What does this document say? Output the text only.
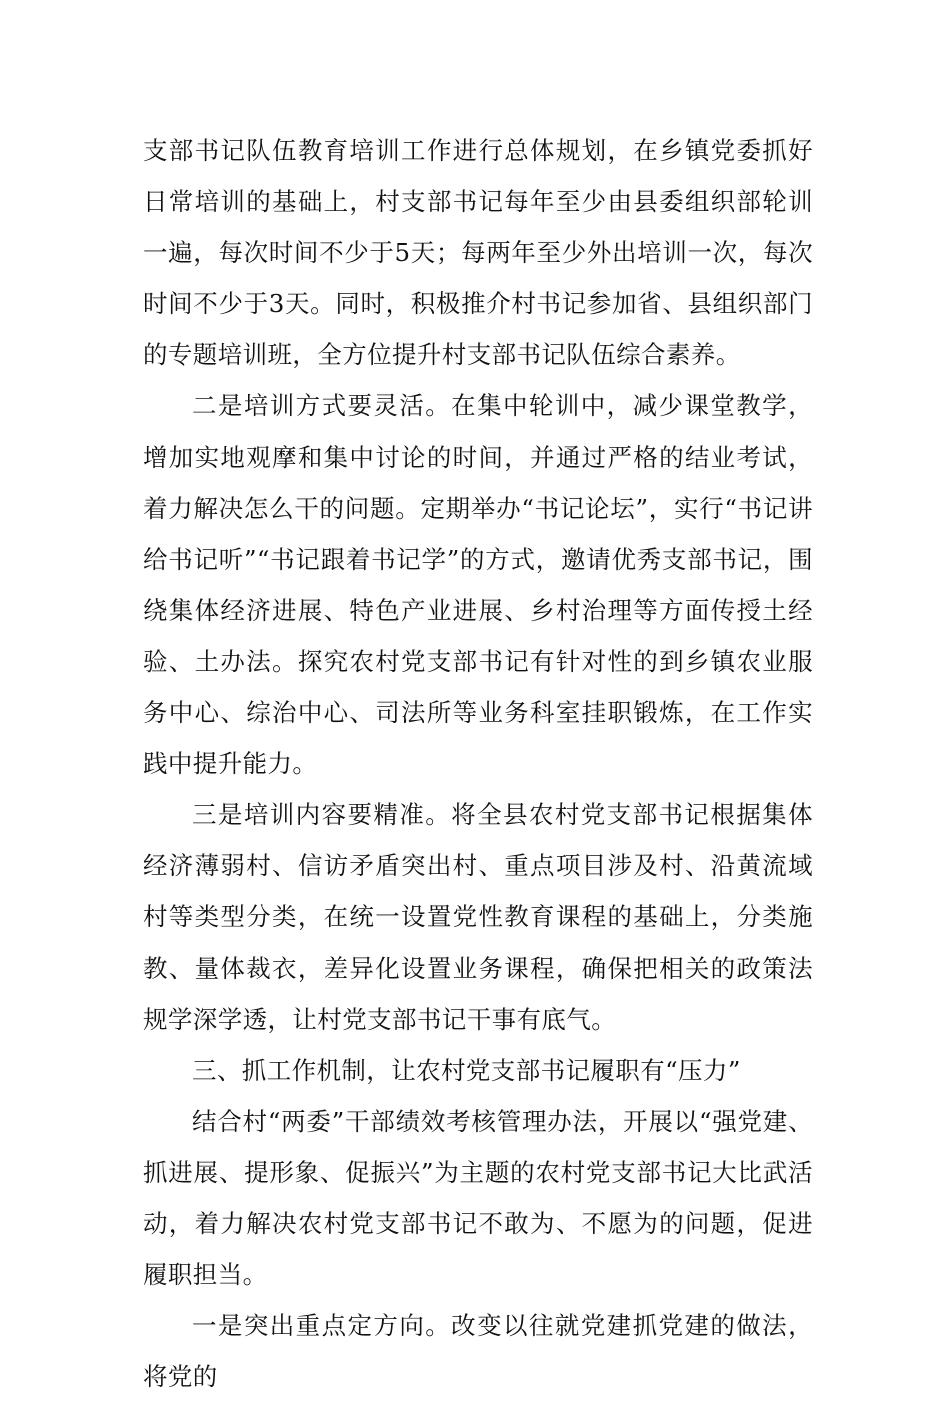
支部书记队伍教育培训工作进行总体规划，在乡镇党委抓好日常培训的基础上，村支部书记每年至少由县委组织部轮训一遍，每次时间不少于5天；每两年至少外出培训一次，每次时间不少于3天。同时，积极推介村书记参加省、县组织部门的专题培训班，全方位提升村支部书记队伍综合素养。

二是培训方式要灵活。在集中轮训中，减少课堂教学，增加实地观摩和集中讨论的时间，并通过严格的结业考试，着力解决怎么干的问题。定期举办“书记论坛”，实行“书记讲给书记听”“书记跟着书记学”的方式，邀请优秀支部书记，围绕集体经济进展、特色产业进展、乡村治理等方面传授土经验、土办法。探究农村党支部书记有针对性的到乡镇农业服务中心、综治中心、司法所等业务科室挂职锻炼，在工作实践中提升能力。

三是培训内容要精准。将全县农村党支部书记根据集体经济薄弱村、信访矛盾突出村、重点项目涉及村、沿黄流域村等类型分类，在统一设置党性教育课程的基础上，分类施教、量体裁衣，差异化设置业务课程，确保把相关的政策法规学深学透，让村党支部书记干事有底气。

三、抓工作机制，让农村党支部书记履职有“压力”

结合村“两委”干部绩效考核管理办法，开展以“强党建、抓进展、提形象、促振兴”为主题的农村党支部书记大比武活动，着力解决农村党支部书记不敢为、不愿为的问题，促进履职担当。

一是突出重点定方向。改变以往就党建抓党建的做法，将党的
